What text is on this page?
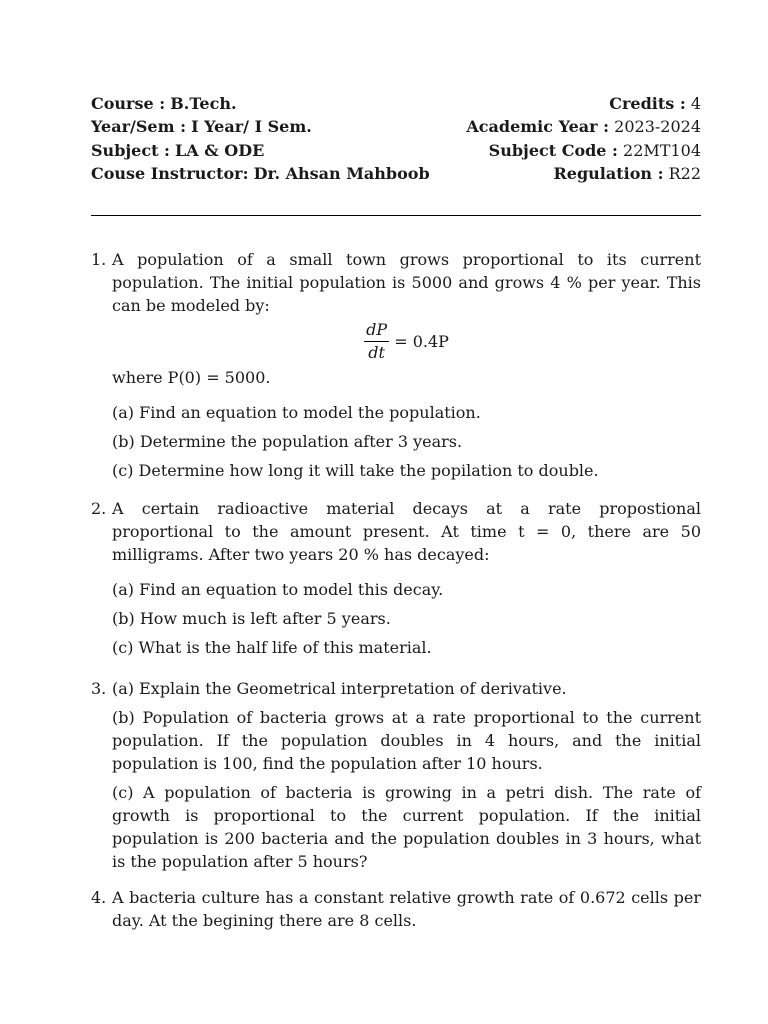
Course : B.Tech.	Credits : 4
Year/Sem : I Year/ I Sem.	Academic Year : 2023-2024
Subject : LA & ODE	Subject Code : 22MT104
Couse Instructor: Dr. Ahsan Mahboob	Regulation : R22
1. A population of a small town grows proportional to its current population. The initial population is 5000 and grows 4 % per year. This can be modeled by:
$\frac{dP}{dt} = 0.4P$
where P(0) = 5000.
(a) Find an equation to model the population.
(b) Determine the population after 3 years.
(c) Determine how long it will take the popilation to double.
2. A certain radioactive material decays at a rate propostional proportional to the amount present. At time t = 0, there are 50 milligrams. After two years 20 % has decayed:
(a) Find an equation to model this decay.
(b) How much is left after 5 years.
(c) What is the half life of this material.
3. (a) Explain the Geometrical interpretation of derivative.
(b) Population of bacteria grows at a rate proportional to the current population. If the population doubles in 4 hours, and the initial population is 100, find the population after 10 hours.
(c) A population of bacteria is growing in a petri dish. The rate of growth is proportional to the current population. If the initial population is 200 bacteria and the population doubles in 3 hours, what is the population after 5 hours?
4. A bacteria culture has a constant relative growth rate of 0.672 cells per day. At the begining there are 8 cells.
